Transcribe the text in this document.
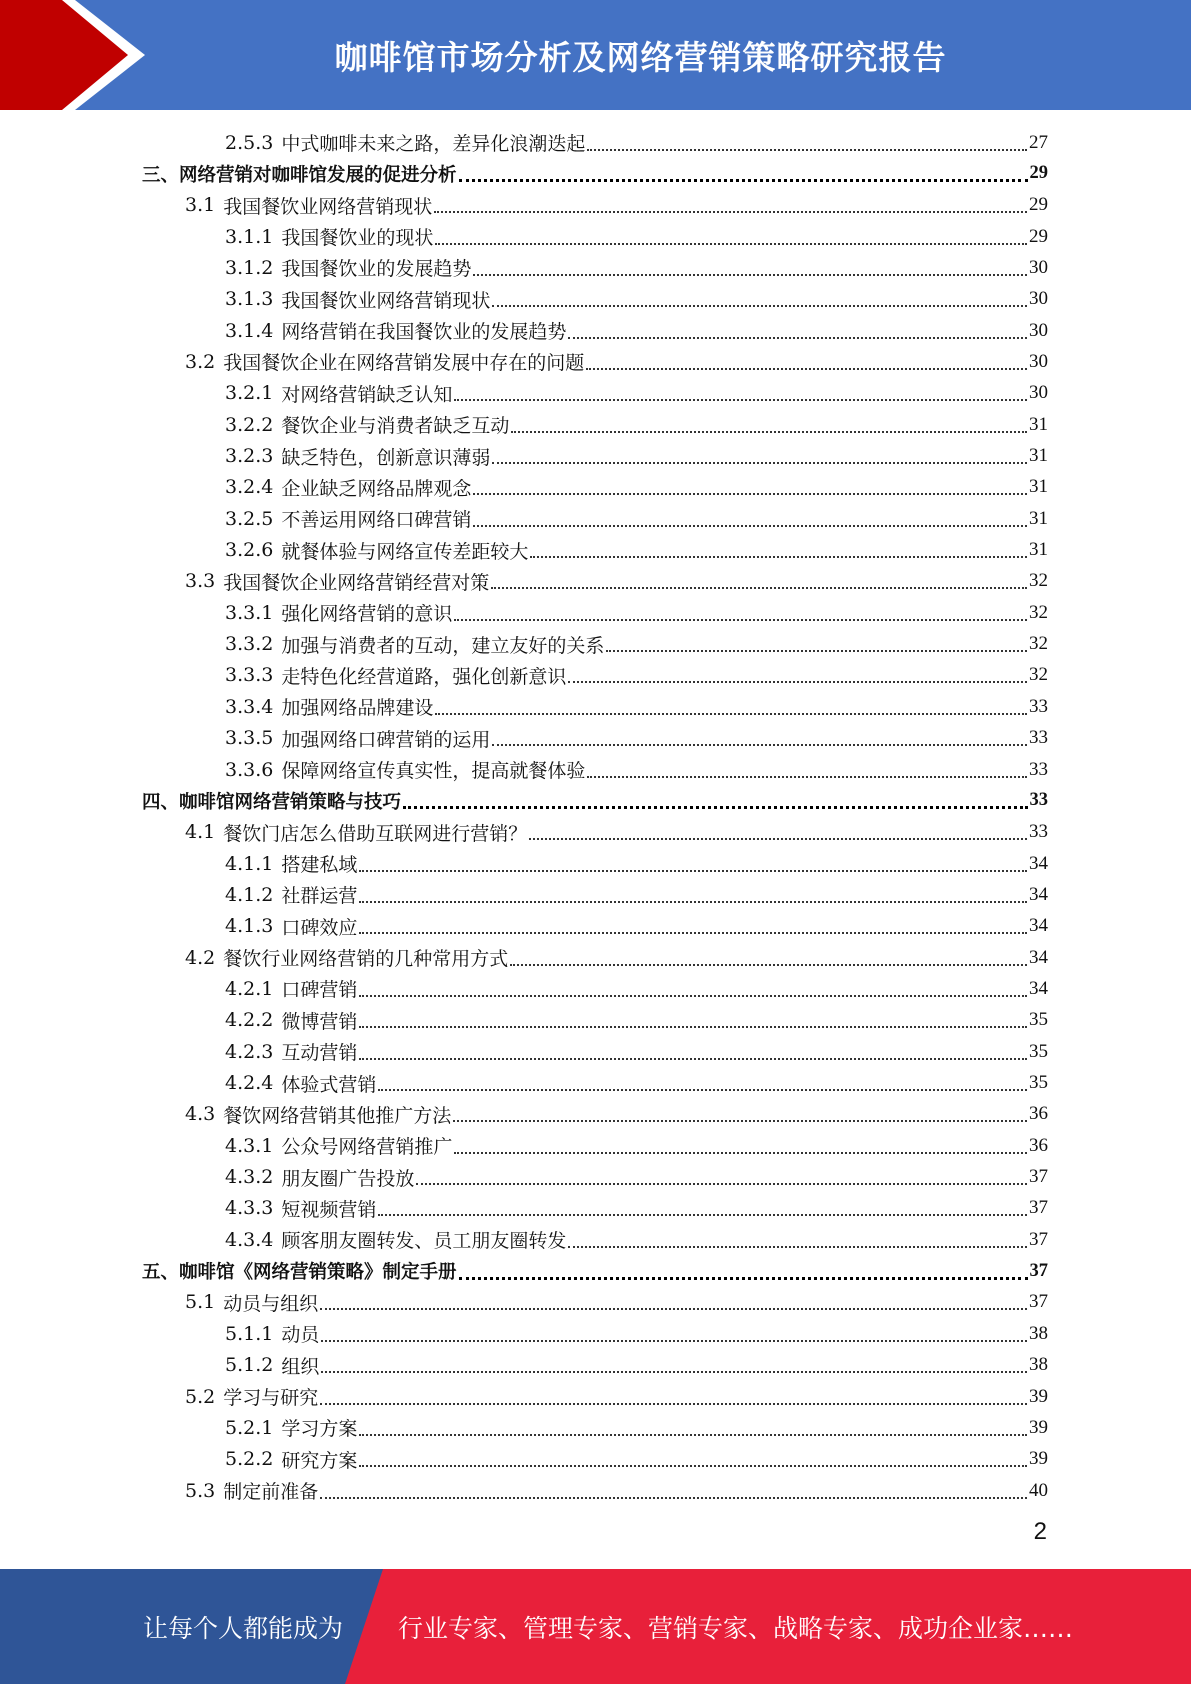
咖啡馆市场分析及网络营销策略研究报告
2.5.3 中式咖啡未来之路，差异化浪潮迭起	27
三、网络营销对咖啡馆发展的促进分析	29
3.1 我国餐饮业网络营销现状	29
3.1.1 我国餐饮业的现状	29
3.1.2 我国餐饮业的发展趋势	30
3.1.3 我国餐饮业网络营销现状	30
3.1.4 网络营销在我国餐饮业的发展趋势	30
3.2 我国餐饮企业在网络营销发展中存在的问题	30
3.2.1 对网络营销缺乏认知	30
3.2.2 餐饮企业与消费者缺乏互动	31
3.2.3 缺乏特色，创新意识薄弱	31
3.2.4 企业缺乏网络品牌观念	31
3.2.5 不善运用网络口碑营销	31
3.2.6 就餐体验与网络宣传差距较大	31
3.3 我国餐饮企业网络营销经营对策	32
3.3.1 强化网络营销的意识	32
3.3.2 加强与消费者的互动，建立友好的关系	32
3.3.3 走特色化经营道路，强化创新意识	32
3.3.4 加强网络品牌建设	33
3.3.5 加强网络口碑营销的运用	33
3.3.6 保障网络宣传真实性，提高就餐体验	33
四、咖啡馆网络营销策略与技巧	33
4.1 餐饮门店怎么借助互联网进行营销？	33
4.1.1 搭建私域	34
4.1.2 社群运营	34
4.1.3 口碑效应	34
4.2 餐饮行业网络营销的几种常用方式	34
4.2.1 口碑营销	34
4.2.2 微博营销	35
4.2.3 互动营销	35
4.2.4 体验式营销	35
4.3 餐饮网络营销其他推广方法	36
4.3.1 公众号网络营销推广	36
4.3.2 朋友圈广告投放	37
4.3.3 短视频营销	37
4.3.4 顾客朋友圈转发、员工朋友圈转发	37
五、咖啡馆《网络营销策略》制定手册	37
5.1 动员与组织	37
5.1.1 动员	38
5.1.2 组织	38
5.2 学习与研究	39
5.2.1 学习方案	39
5.2.2 研究方案	39
5.3 制定前准备	40
2
让每个人都能成为 行业专家、管理专家、营销专家、战略专家、成功企业家……
